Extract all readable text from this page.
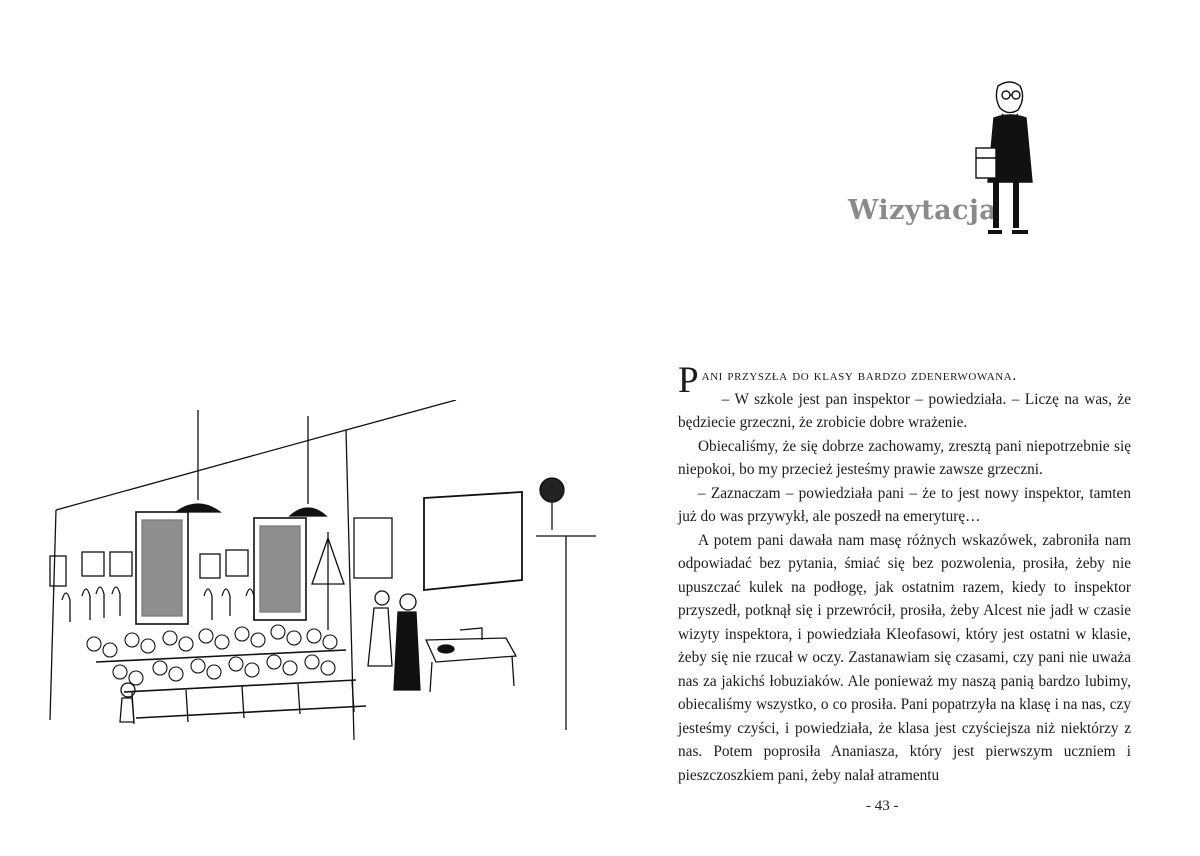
Wizytacja

Pani przyszła do klasy bardzo zdenerwowana.

– W szkole jest pan inspektor – powiedziała. – Liczę na was, że będziecie grzeczni, że zrobicie dobre wrażenie.

Obiecaliśmy, że się dobrze zachowamy, zresztą pani niepotrzebnie się niepokoi, bo my przecież jesteśmy prawie zawsze grzeczni.

– Zaznaczam – powiedziała pani – że to jest nowy inspektor, tamten już do was przywykł, ale poszedł na emeryturę…

A potem pani dawała nam masę różnych wskazówek, zabroniła nam odpowiadać bez pytania, śmiać się bez pozwolenia, prosiła, żeby nie upuszczać kulek na podłogę, jak ostatnim razem, kiedy to inspektor przyszedł, potknął się i przewrócił, prosiła, żeby Alcest nie jadł w czasie wizyty inspektora, i powiedziała Kleofasowi, który jest ostatni w klasie, żeby się nie rzucał w oczy. Zastanawiam się czasami, czy pani nie uważa nas za jakichś łobuziaków. Ale ponieważ my naszą panią bardzo lubimy, obiecaliśmy wszystko, o co prosiła. Pani popatrzyła na klasę i na nas, czy jesteśmy czyści, i powiedziała, że klasa jest czyściejsza niż niektórzy z nas. Potem poprosiła Ananiasza, który jest pierwszym uczniem i pieszczoszkiem pani, żeby nalał atramentu

- 43 -
